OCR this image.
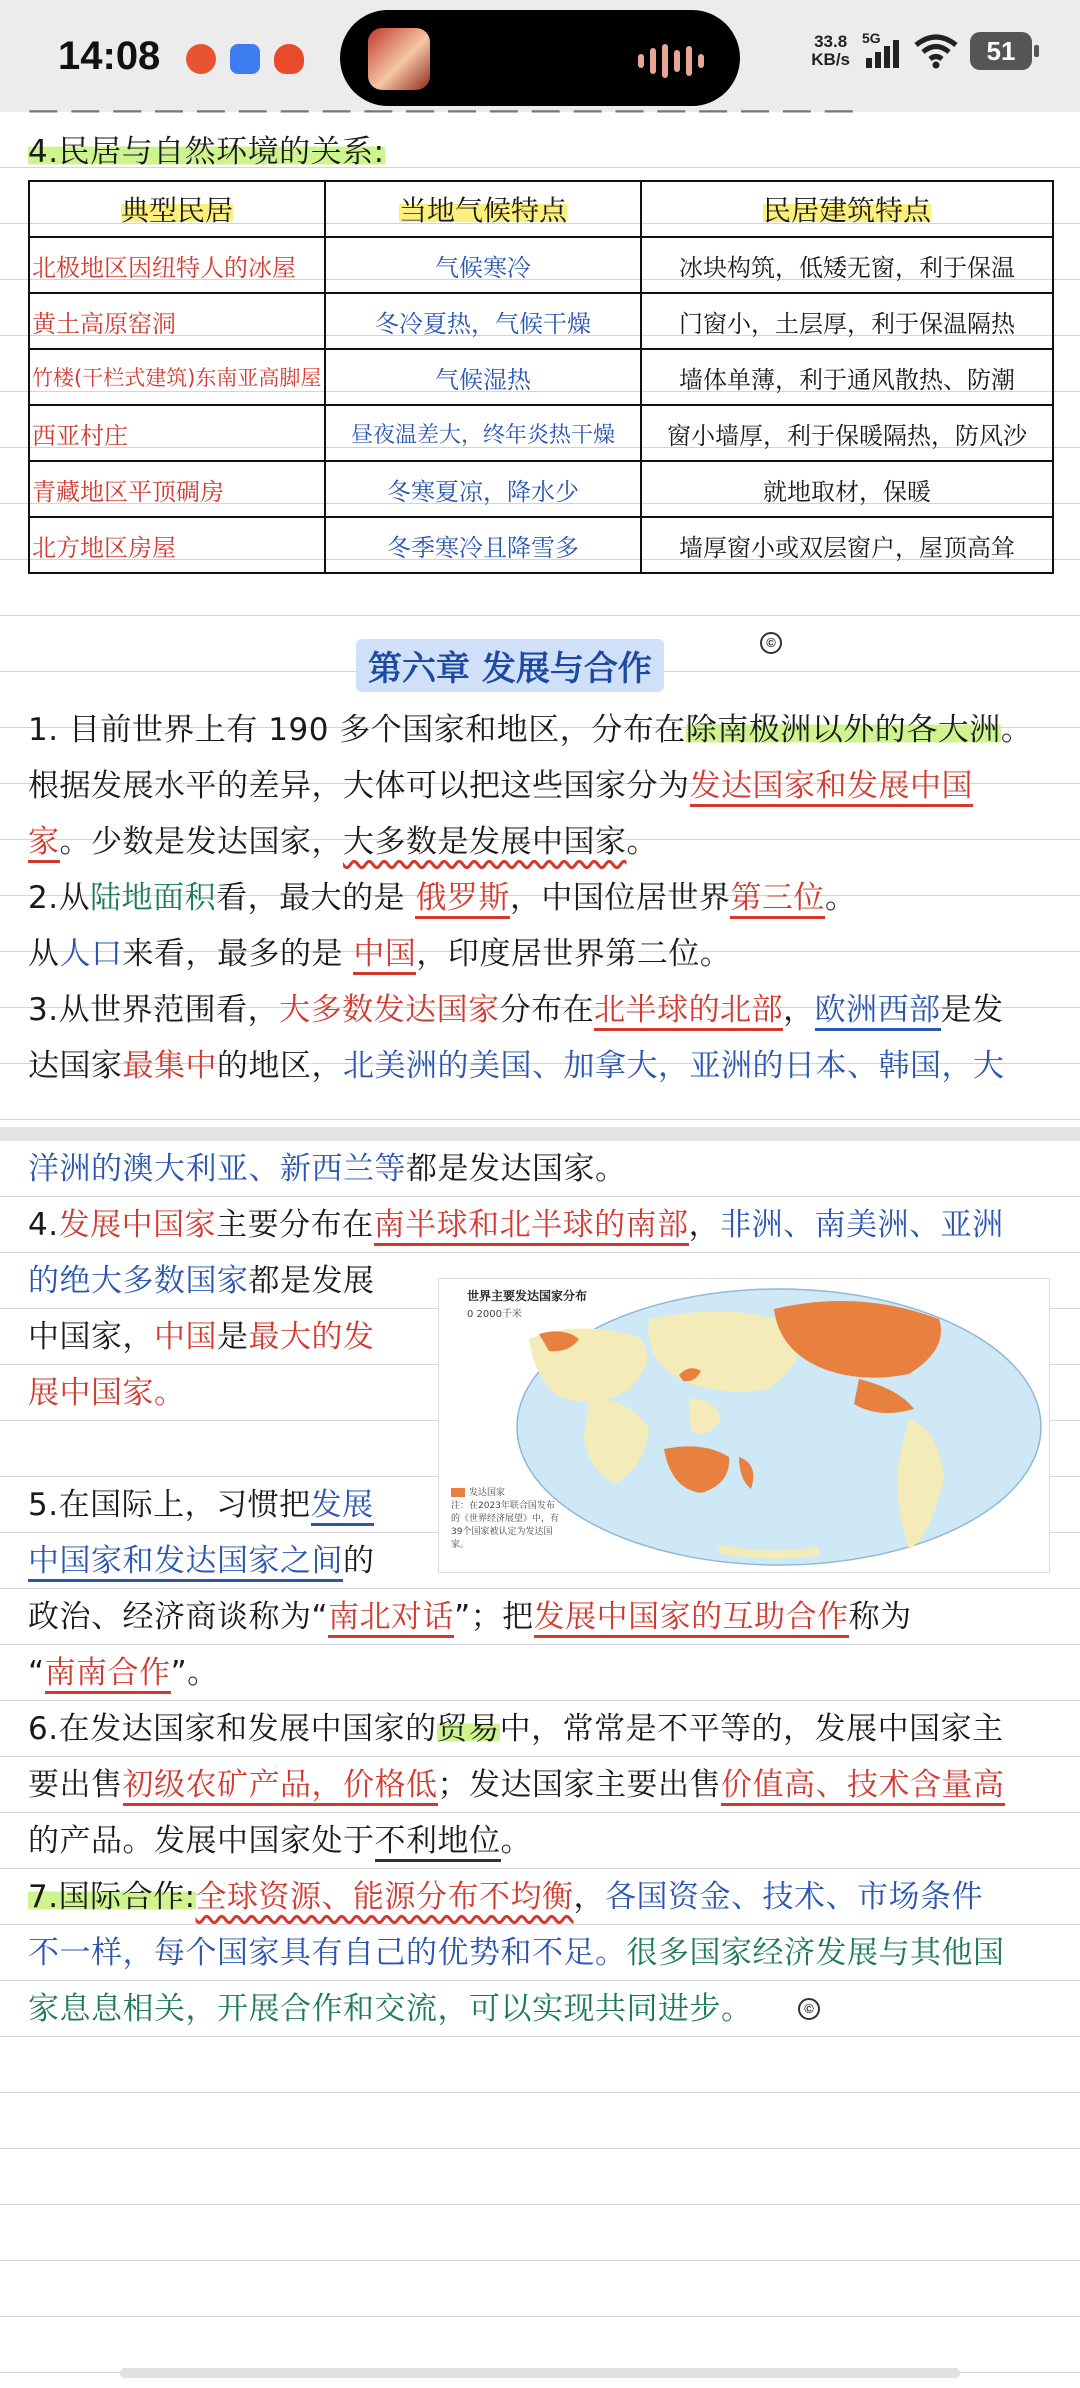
14:08	33.8
KB/s
5G	51
— — — — — — — — — — — — — — — — — — — —
4.民居与自然环境的关系:
典型民居	当地气候特点	民居建筑特点
北极地区因纽特人的冰屋	气候寒冷	冰块构筑，低矮无窗，利于保温
黄土高原窑洞	冬冷夏热，气候干燥	门窗小，土层厚，利于保温隔热
竹楼(干栏式建筑)东南亚高脚屋	气候湿热	墙体单薄，利于通风散热、防潮
西亚村庄	昼夜温差大，终年炎热干燥	窗小墙厚，利于保暖隔热，防风沙
青藏地区平顶碉房	冬寒夏凉，降水少	就地取材，保暖
北方地区房屋	冬季寒冷且降雪多	墙厚窗小或双层窗户，屋顶高耸
©
第六章 发展与合作
1. 目前世界上有 190 多个国家和地区，分布在除南极洲以外的各大洲。
根据发展水平的差异，大体可以把这些国家分为发达国家和发展中国
家。少数是发达国家，大多数是发展中国家。
2.从陆地面积看，最大的是 俄罗斯，中国位居世界第三位。
从人口来看，最多的是 中国，印度居世界第二位。
3.从世界范围看，大多数发达国家分布在北半球的北部，欧洲西部是发
达国家最集中的地区，北美洲的美国、加拿大，亚洲的日本、韩国，大
洋洲的澳大利亚、新西兰等都是发达国家。
4.发展中国家主要分布在南半球和北半球的南部，非洲、南美洲、亚洲
的绝大多数国家都是发展
中国家，中国是最大的发
展中国家。
5.在国际上，习惯把发展
中国家和发达国家之间的
政治、经济商谈称为“南北对话”；把发展中国家的互助合作称为
“南南合作”。
6.在发达国家和发展中国家的贸易中，常常是不平等的，发展中国家主
要出售初级农矿产品，价格低；发达国家主要出售价值高、技术含量高
的产品。发展中国家处于不利地位。
7.国际合作:全球资源、能源分布不均衡，各国资金、技术、市场条件
不一样，每个国家具有自己的优势和不足。很多国家经济发展与其他国
家息息相关，开展合作和交流，可以实现共同进步。	©
世界主要发达国家分布
0 2000千米
发达国家
注：在2023年联合国发布的《世界经济展望》中，有39个国家被认定为发达国家。
